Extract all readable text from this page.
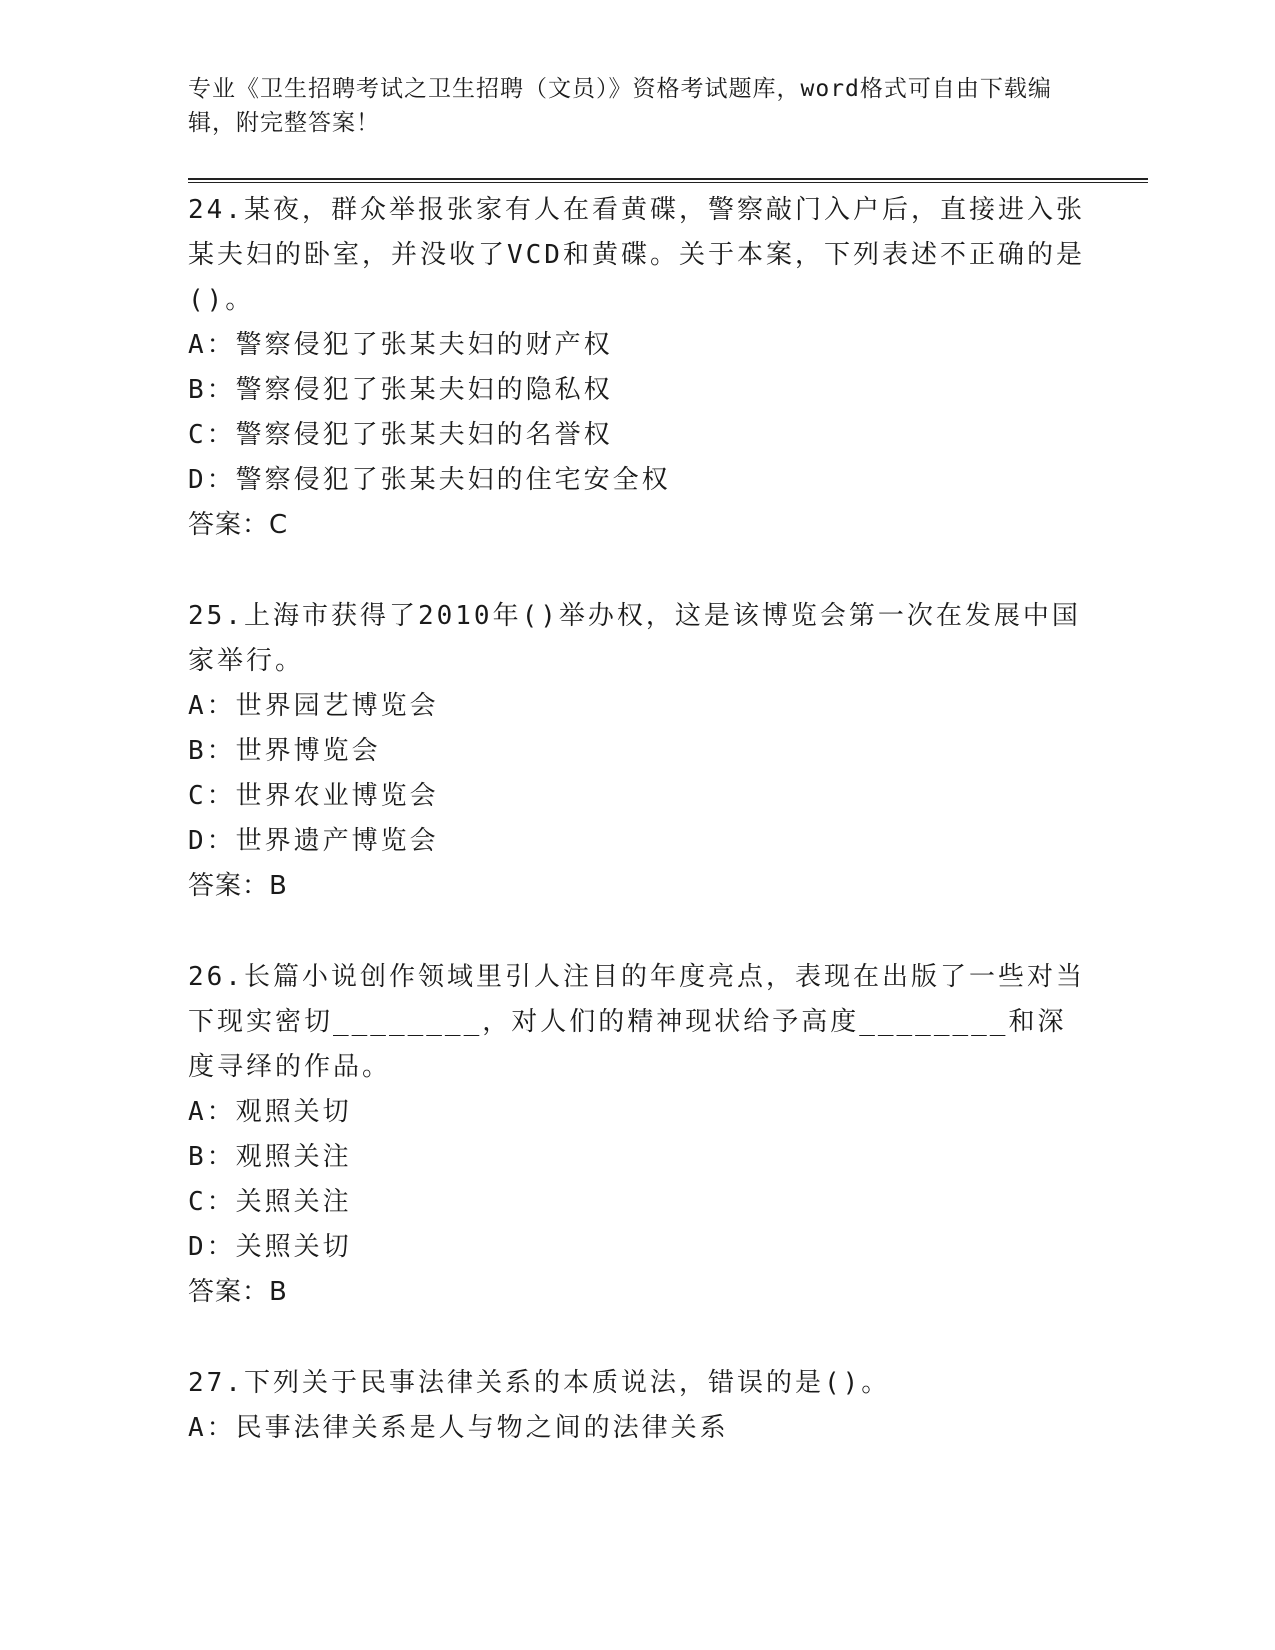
专业《卫生招聘考试之卫生招聘（文员）》资格考试题库，word格式可自由下载编辑，附完整答案！

24.某夜，群众举报张家有人在看黄碟，警察敲门入户后，直接进入张某夫妇的卧室，并没收了VCD和黄碟。关于本案，下列表述不正确的是()。

A：警察侵犯了张某夫妇的财产权

B：警察侵犯了张某夫妇的隐私权

C：警察侵犯了张某夫妇的名誉权

D：警察侵犯了张某夫妇的住宅安全权

答案：C

25.上海市获得了2010年()举办权，这是该博览会第一次在发展中国家举行。

A：世界园艺博览会

B：世界博览会

C：世界农业博览会

D：世界遗产博览会

答案：B

26.长篇小说创作领域里引人注目的年度亮点，表现在出版了一些对当下现实密切________，对人们的精神现状给予高度________和深度寻绎的作品。

A：观照关切

B：观照关注

C：关照关注

D：关照关切

答案：B

27.下列关于民事法律关系的本质说法，错误的是()。

A：民事法律关系是人与物之间的法律关系
